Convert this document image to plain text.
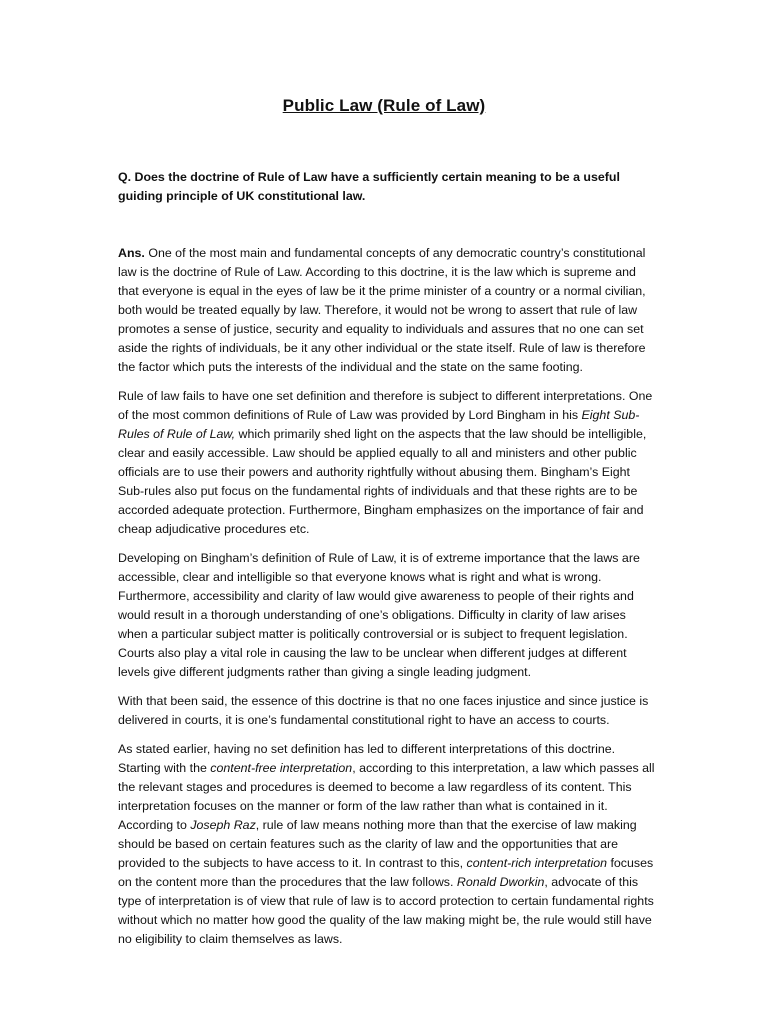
Public Law (Rule of Law)
Q. Does the doctrine of Rule of Law have a sufficiently certain meaning to be a useful guiding principle of UK constitutional law.

Ans. One of the most main and fundamental concepts of any democratic country’s constitutional law is the doctrine of Rule of Law. According to this doctrine, it is the law which is supreme and that everyone is equal in the eyes of law be it the prime minister of a country or a normal civilian, both would be treated equally by law. Therefore, it would not be wrong to assert that rule of law promotes a sense of justice, security and equality to individuals and assures that no one can set aside the rights of individuals, be it any other individual or the state itself. Rule of law is therefore the factor which puts the interests of the individual and the state on the same footing.

Rule of law fails to have one set definition and therefore is subject to different interpretations. One of the most common definitions of Rule of Law was provided by Lord Bingham in his Eight Sub-Rules of Rule of Law, which primarily shed light on the aspects that the law should be intelligible, clear and easily accessible. Law should be applied equally to all and ministers and other public officials are to use their powers and authority rightfully without abusing them. Bingham’s Eight Sub-rules also put focus on the fundamental rights of individuals and that these rights are to be accorded adequate protection. Furthermore, Bingham emphasizes on the importance of fair and cheap adjudicative procedures etc.

Developing on Bingham’s definition of Rule of Law, it is of extreme importance that the laws are accessible, clear and intelligible so that everyone knows what is right and what is wrong. Furthermore, accessibility and clarity of law would give awareness to people of their rights and would result in a thorough understanding of one’s obligations. Difficulty in clarity of law arises when a particular subject matter is politically controversial or is subject to frequent legislation. Courts also play a vital role in causing the law to be unclear when different judges at different levels give different judgments rather than giving a single leading judgment.

With that been said, the essence of this doctrine is that no one faces injustice and since justice is delivered in courts, it is one’s fundamental constitutional right to have an access to courts.

As stated earlier, having no set definition has led to different interpretations of this doctrine. Starting with the content-free interpretation, according to this interpretation, a law which passes all the relevant stages and procedures is deemed to become a law regardless of its content. This interpretation focuses on the manner or form of the law rather than what is contained in it. According to Joseph Raz, rule of law means nothing more than that the exercise of law making should be based on certain features such as the clarity of law and the opportunities that are provided to the subjects to have access to it. In contrast to this, content-rich interpretation focuses on the content more than the procedures that the law follows. Ronald Dworkin, advocate of this type of interpretation is of view that rule of law is to accord protection to certain fundamental rights without which no matter how good the quality of the law making might be, the rule would still have no eligibility to claim themselves as laws.
